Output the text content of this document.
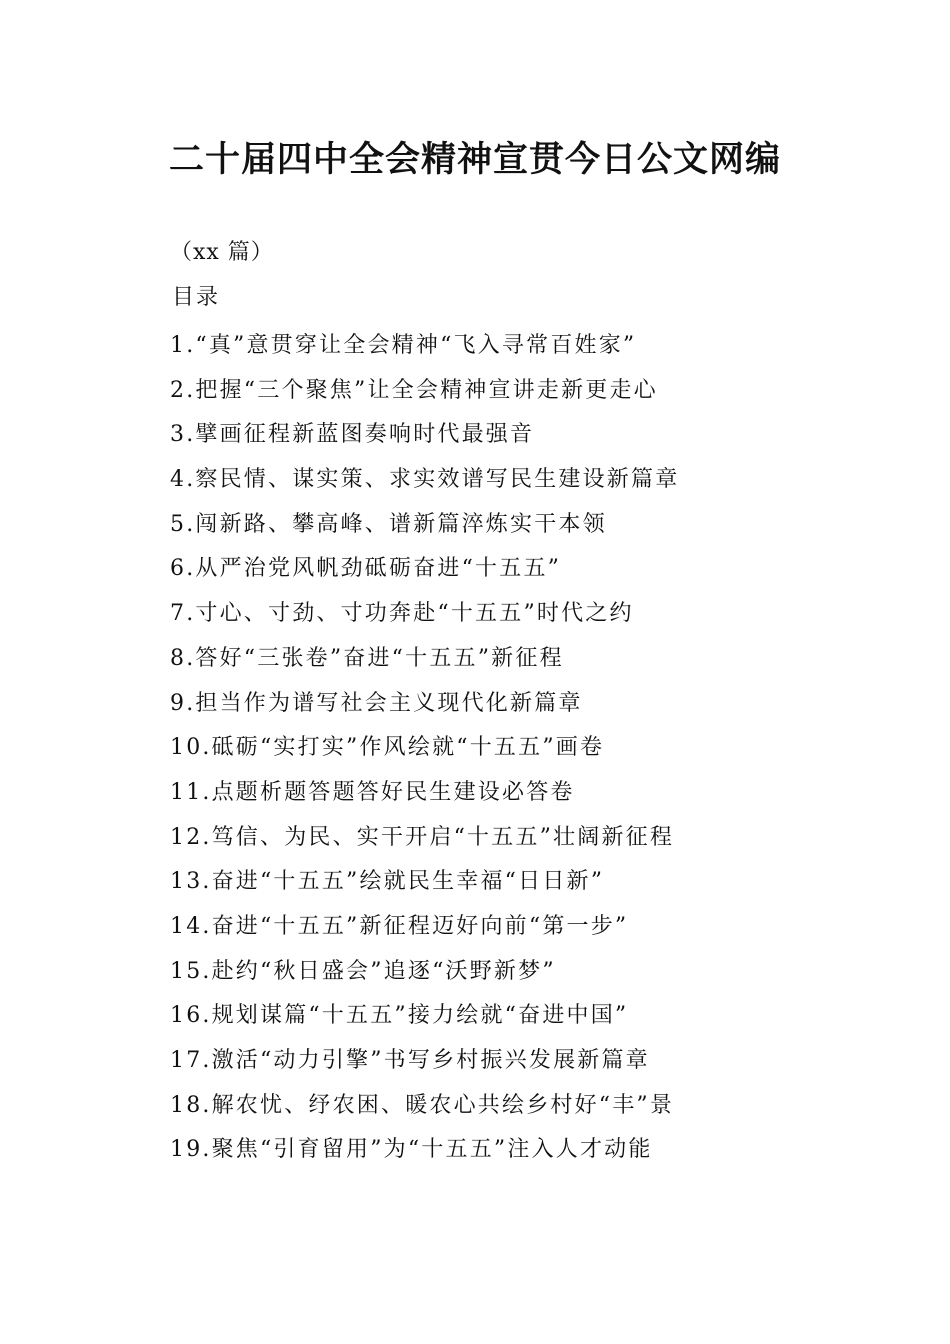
二十届四中全会精神宣贯今日公文网编
（xx 篇）
目录
1.“真”意贯穿让全会精神“飞入寻常百姓家”
2.把握“三个聚焦”让全会精神宣讲走新更走心
3.擘画征程新蓝图奏响时代最强音
4.察民情、谋实策、求实效谱写民生建设新篇章
5.闯新路、攀高峰、谱新篇淬炼实干本领
6.从严治党风帆劲砥砺奋进“十五五”
7.寸心、寸劲、寸功奔赴“十五五”时代之约
8.答好“三张卷”奋进“十五五”新征程
9.担当作为谱写社会主义现代化新篇章
10.砥砺“实打实”作风绘就“十五五”画卷
11.点题析题答题答好民生建设必答卷
12.笃信、为民、实干开启“十五五”壮阔新征程
13.奋进“十五五”绘就民生幸福“日日新”
14.奋进“十五五”新征程迈好向前“第一步”
15.赴约“秋日盛会”追逐“沃野新梦”
16.规划谋篇“十五五”接力绘就“奋进中国”
17.激活“动力引擎”书写乡村振兴发展新篇章
18.解农忧、纾农困、暖农心共绘乡村好“丰”景
19.聚焦“引育留用”为“十五五”注入人才动能
